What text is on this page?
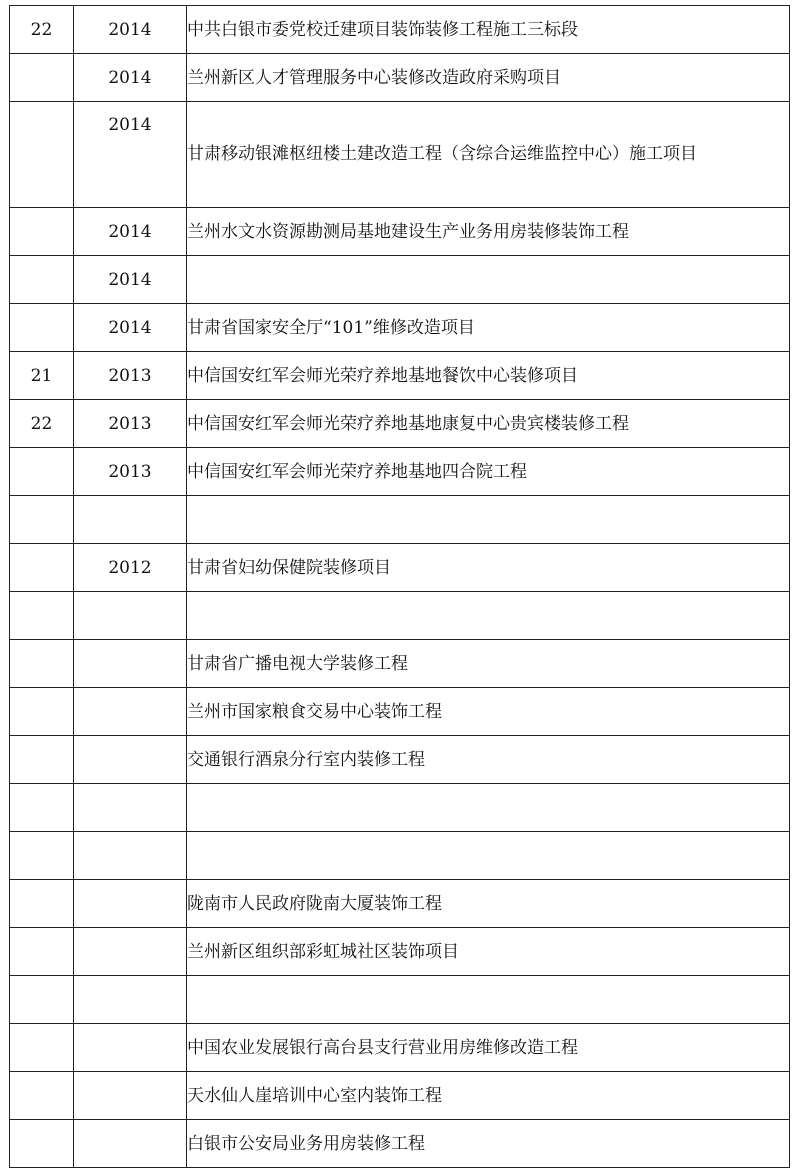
22	2014	中共白银市委党校迁建项目装饰装修工程施工三标段
	2014	兰州新区人才管理服务中心装修改造政府采购项目
	2014	甘肃移动银滩枢纽楼土建改造工程（含综合运维监控中心）施工项目
	2014	兰州水文水资源勘测局基地建设生产业务用房装修装饰工程
	2014	
	2014	甘肃省国家安全厅“101”维修改造项目
21	2013	中信国安红军会师光荣疗养地基地餐饮中心装修项目
22	2013	中信国安红军会师光荣疗养地基地康复中心贵宾楼装修工程
	2013	中信国安红军会师光荣疗养地基地四合院工程

	2012	甘肃省妇幼保健院装修项目

		甘肃省广播电视大学装修工程
		兰州市国家粮食交易中心装饰工程
		交通银行酒泉分行室内装修工程

		陇南市人民政府陇南大厦装饰工程
		兰州新区组织部彩虹城社区装饰项目

		中国农业发展银行高台县支行营业用房维修改造工程
		天水仙人崖培训中心室内装饰工程
		白银市公安局业务用房装修工程
